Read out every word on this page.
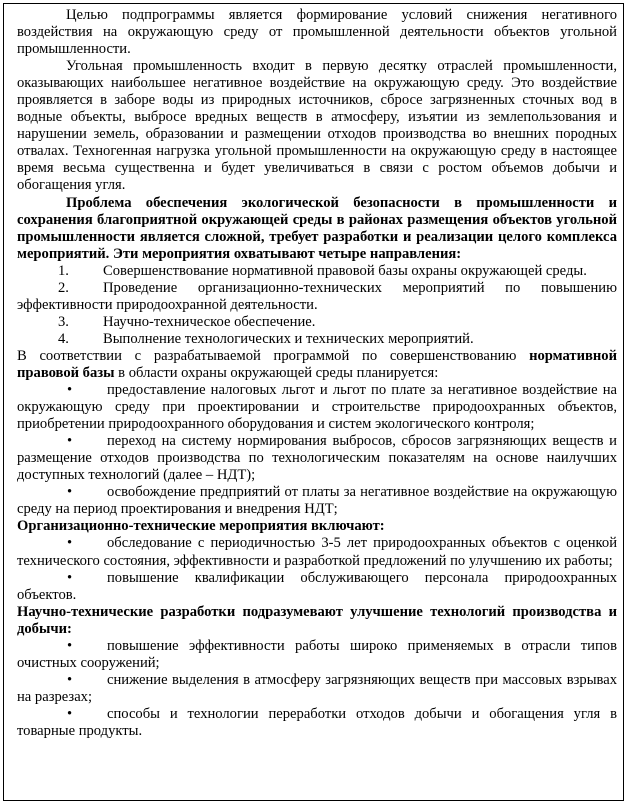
Целью подпрограммы является формирование условий снижения негативного воздействия на окружающую среду от промышленной деятельности объектов угольной промышленности.

Угольная промышленность входит в первую десятку отраслей промышленности, оказывающих наибольшее негативное воздействие на окружающую среду. Это воздействие проявляется в заборе воды из природных источников, сбросе загрязненных сточных вод в водные объекты, выбросе вредных веществ в атмосферу, изъятии из землепользования и нарушении земель, образовании и размещении отходов производства во внешних породных отвалах. Техногенная нагрузка угольной промышленности на окружающую среду в настоящее время весьма существенна и будет увеличиваться в связи с ростом объемов добычи и обогащения угля.

Проблема обеспечения экологической безопасности в промышленности и сохранения благоприятной окружающей среды в районах размещения объектов угольной промышленности является сложной, требует разработки и реализации целого комплекса мероприятий. Эти мероприятия охватывают четыре направления:

1. Совершенствование нормативной правовой базы охраны окружающей среды.

2. Проведение организационно-технических мероприятий по повышению эффективности природоохранной деятельности.

3. Научно-техническое обеспечение.

4. Выполнение технологических и технических мероприятий.

В соответствии с разрабатываемой программой по совершенствованию нормативной правовой базы в области охраны окружающей среды планируется:

• предоставление налоговых льгот и льгот по плате за негативное воздействие на окружающую среду при проектировании и строительстве природоохранных объектов, приобретении природоохранного оборудования и систем экологического контроля;

• переход на систему нормирования выбросов, сбросов загрязняющих веществ и размещение отходов производства по технологическим показателям на основе наилучших доступных технологий (далее – НДТ);

• освобождение предприятий от платы за негативное воздействие на окружающую среду на период проектирования и внедрения НДТ;

Организационно-технические мероприятия включают:

• обследование с периодичностью 3-5 лет природоохранных объектов с оценкой технического состояния, эффективности и разработкой предложений по улучшению их работы;

• повышение квалификации обслуживающего персонала природоохранных объектов.

Научно-технические разработки подразумевают улучшение технологий производства и добычи:

• повышение эффективности работы широко применяемых в отрасли типов очистных сооружений;

• снижение выделения в атмосферу загрязняющих веществ при массовых взрывах на разрезах;

• способы и технологии переработки отходов добычи и обогащения угля в товарные продукты.
